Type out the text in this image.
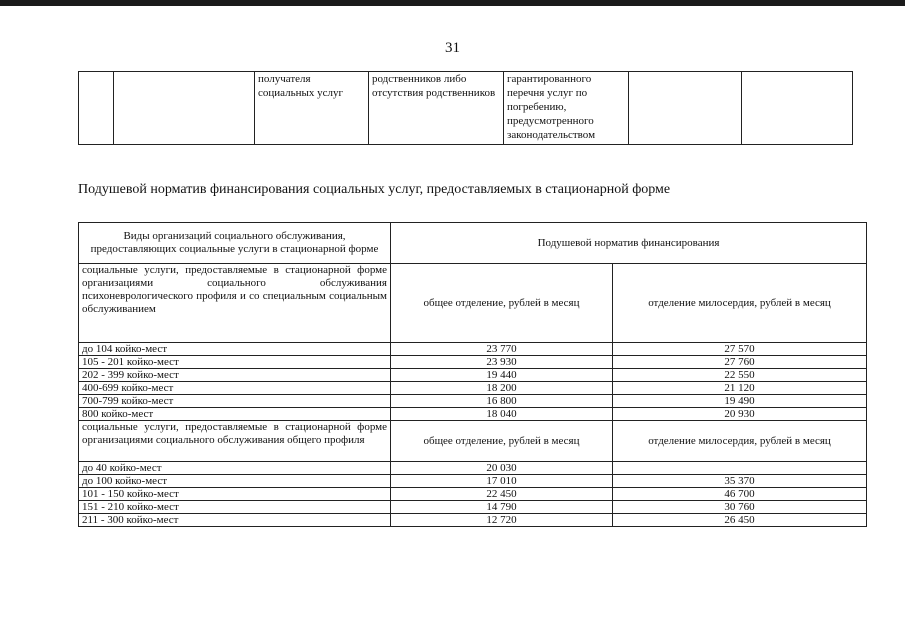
31
		получателя социальных услуг	родственников либо отсутствия родственников	гарантированного перечня услуг по погребению, предусмотренного законодательством		
Подушевой норматив финансирования социальных услуг, предоставляемых в стационарной форме
Виды организаций социального обслуживания, предоставляющих социальные услуги в стационарной форме	Подушевой норматив финансирования	
социальные услуги, предоставляемые в стационарной форме организациями социального обслуживания психоневрологического профиля и со специальным социальным обслуживанием	общее отделение, рублей в месяц	отделение милосердия, рублей в месяц
до 104 койко-мест	23 770	27 570
105 - 201 койко-мест	23 930	27 760
202 - 399 койко-мест	19 440	22 550
400-699 койко-мест	18 200	21 120
700-799 койко-мест	16 800	19 490
800 койко-мест	18 040	20 930
социальные услуги, предоставляемые в стационарной форме организациями социального обслуживания общего профиля	общее отделение, рублей в месяц	отделение милосердия, рублей в месяц
до 40 койко-мест	20 030	
до 100 койко-мест	17 010	35 370
101 - 150 койко-мест	22 450	46 700
151 - 210 койко-мест	14 790	30 760
211 - 300 койко-мест	12 720	26 450
